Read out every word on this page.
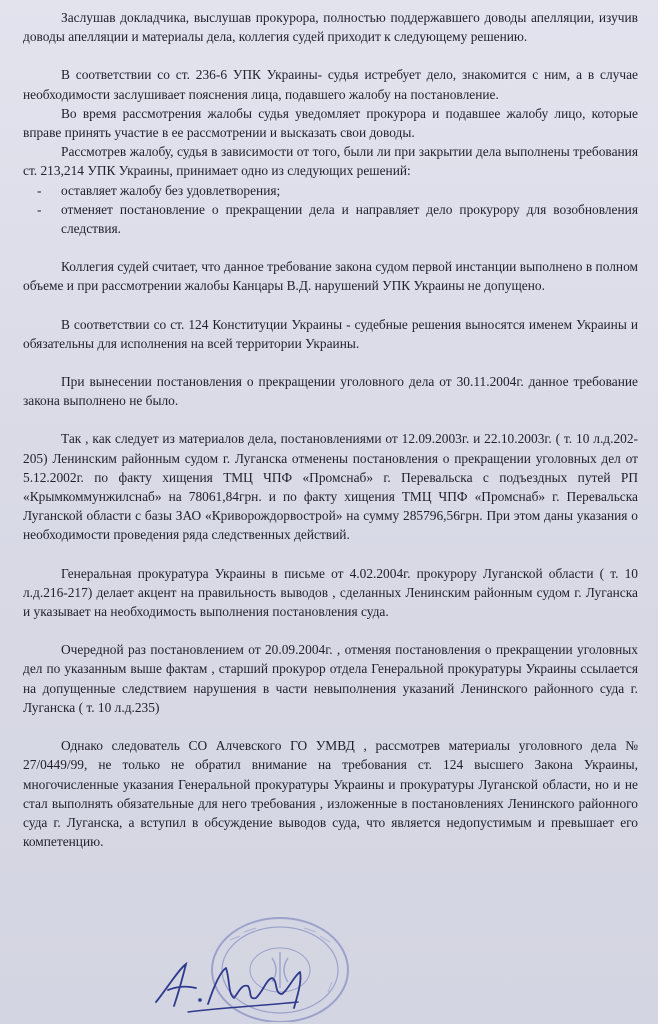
Заслушав докладчика, выслушав прокурора, полностью поддержавшего доводы апелляции, изучив доводы апелляции и материалы дела, коллегия судей приходит к следующему решению.

В соответствии со ст. 236-6 УПК Украины- судья истребует дело, знакомится с ним, а в случае необходимости заслушивает пояснения лица, подавшего жалобу на постановление.

Во время рассмотрения жалобы судья уведомляет прокурора и подавшее жалобу лицо, которые вправе принять участие в ее рассмотрении и высказать свои доводы.

Рассмотрев жалобу, судья в зависимости от того, были ли при закрытии дела выполнены требования ст. 213,214 УПК Украины, принимает одно из следующих решений:

- оставляет жалобу без удовлетворения;
- отменяет постановление о прекращении дела и направляет дело прокурору для возобновления следствия.

Коллегия судей считает, что данное требование закона судом первой инстанции выполнено в полном объеме и при рассмотрении жалобы Канцары В.Д. нарушений УПК Украины не допущено.

В соответствии со ст. 124 Конституции Украины - судебные решения выносятся именем Украины и обязательны для исполнения на всей территории Украины.

При вынесении постановления о прекращении уголовного дела от 30.11.2004г. данное требование закона выполнено не было.

Так , как следует из материалов дела, постановлениями от 12.09.2003г. и 22.10.2003г. ( т. 10 л.д.202- 205) Ленинским районным судом г. Луганска отменены постановления о прекращении уголовных дел от 5.12.2002г. по факту хищения ТМЦ ЧПФ «Промснаб» г. Перевальска с подъездных путей РП «Крымкоммунжилснаб» на 78061,84грн. и по факту хищения ТМЦ ЧПФ «Промснаб» г. Перевальска Луганской области с базы ЗАО «Криворождорвострой» на сумму 285796,56грн. При этом даны указания о необходимости проведения ряда следственных действий.

Генеральная прокуратура Украины в письме от 4.02.2004г. прокурору Луганской области ( т. 10 л.д.216-217) делает акцент на правильность выводов , сделанных Ленинским районным судом г. Луганска и указывает на необходимость выполнения постановления суда.

Очередной раз постановлением от 20.09.2004г. , отменяя постановления о прекращении уголовных дел по указанным выше фактам , старший прокурор отдела Генеральной прокуратуры Украины ссылается на допущенные следствием нарушения в части невыполнения указаний Ленинского районного суда г. Луганска ( т. 10 л.д.235)

Однако следователь СО Алчевского ГО УМВД , рассмотрев материалы уголовного дела № 27/0449/99, не только не обратил внимание на требования ст. 124 высшего Закона Украины, многочисленные указания Генеральной прокуратуры Украины и прокуратуры Луганской области, но и не стал выполнять обязательные для него требования , изложенные в постановлениях Ленинского районного суда г. Луганска, а вступил в обсуждение выводов суда, что является недопустимым и превышает его компетенцию.
